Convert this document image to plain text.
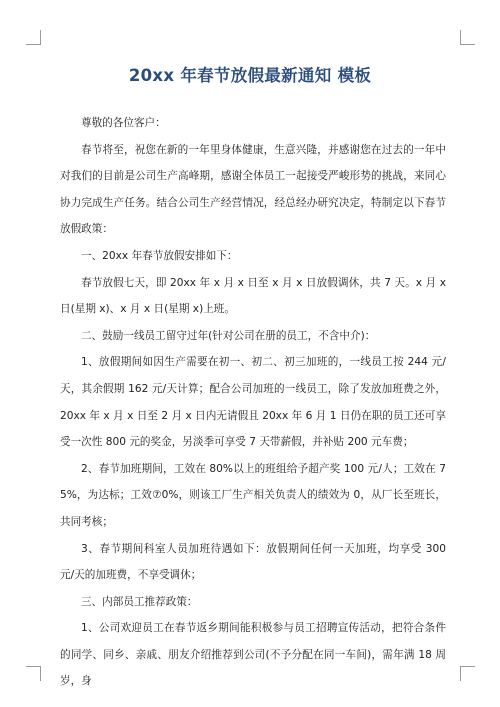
20xx 年春节放假最新通知 模板

尊敬的各位客户：

春节将至，祝您在新的一年里身体健康，生意兴隆，并感谢您在过去的一年中对我们的目前是公司生产高峰期，感谢全体员工一起接受严峻形势的挑战，来同心协力完成生产任务。结合公司生产经营情况，经总经办研究决定，特制定以下春节放假政策：

一、20xx 年春节放假安排如下：

春节放假七天，即 20xx 年 x 月 x 日至 x 月 x 日放假调休，共 7 天。x 月 x 日(星期 x)、x 月 x 日(星期 x)上班。

二、鼓励一线员工留守过年(针对公司在册的员工，不含中介)：

1、放假期间如因生产需要在初一、初二、初三加班的，一线员工按 244 元/天，其余假期 162 元/天计算；配合公司加班的一线员工，除了发放加班费之外，20xx 年 x 月 x 日至 2 月 x 日内无请假且 20xx 年 6 月 1 日仍在职的员工还可享受一次性 800 元的奖金，另淡季可享受 7 天带薪假，并补贴 200 元车费；

2、春节加班期间，工效在 80%以上的班组给予超产奖 100 元/人；工效在 75%，为达标；工效⑦0%，则该工厂生产相关负责人的绩效为 0，从厂长至班长，共同考核；

3、春节期间科室人员加班待遇如下：放假期间任何一天加班，均享受 300 元/天的加班费，不享受调休；

三、内部员工推荐政策：

1、公司欢迎员工在春节返乡期间能积极参与员工招聘宣传活动，把符合条件的同学、同乡、亲戚、朋友介绍推荐到公司(不予分配在同一车间)，需年满 18 周岁，身
